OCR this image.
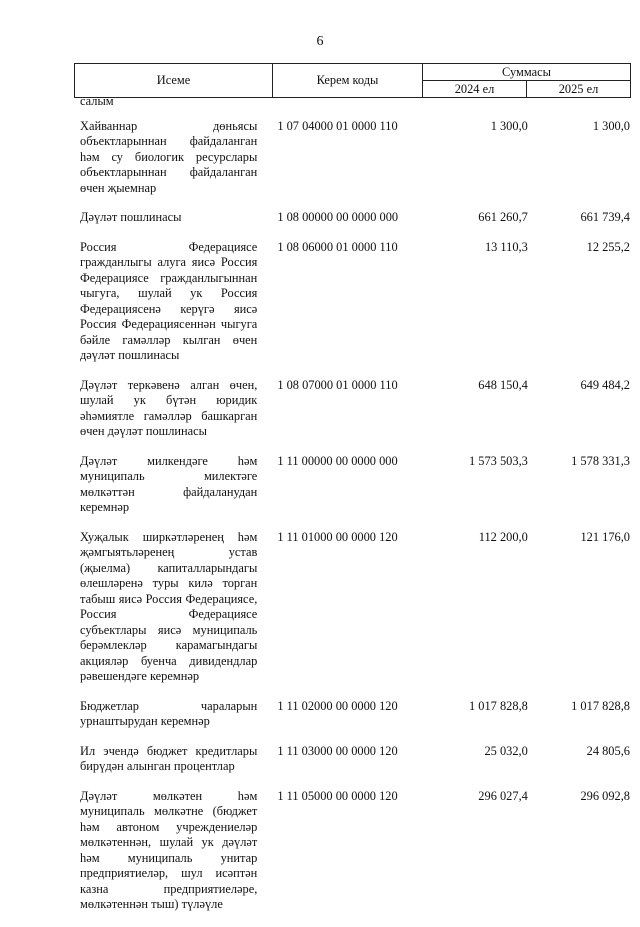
6
Исеме	Керем коды	Суммасы	
		2024 ел	2025 ел
салым
Хайваннар дөньясы объектларыннан файдаланган һәм су биологик ресурслары объектларыннан файдаланган өчен җыемнар
1 07 04000 01 0000 110	1 300,0	1 300,0
Дәүләт пошлинасы	1 08 00000 00 0000 000	661 260,7	661 739,4
Россия Федерациясе гражданлыгы алуга яисә Россия Федерациясе гражданлыгыннан чыгуга, шулай ук Россия Федерациясенә керүгә яисә Россия Федерациясеннән чыгуга бәйле гамәлләр кылган өчен дәүләт пошлинасы
1 08 06000 01 0000 110	13 110,3	12 255,2
Дәүләт теркәвенә алган өчен, шулай ук бүтән юридик әһәмиятле гамәлләр башкарган өчен дәүләт пошлинасы
1 08 07000 01 0000 110	648 150,4	649 484,2
Дәүләт милкендәге һәм муниципаль милектәге мөлкәттән файдаланудан керемнәр
1 11 00000 00 0000 000	1 573 503,3	1 578 331,3
Хуҗалык ширкәтләренең һәм җәмгыятьләренең устав (җыелма) капиталларындагы өлешләренә туры килә торган табыш яисә Россия Федерациясе, Россия Федерациясе субъектлары яисә муниципаль берәмлекләр карамагындагы акцияләр буенча дивидендлар рәвешендәге керемнәр
1 11 01000 00 0000 120	112 200,0	121 176,0
Бюджетлар чараларын урнаштырудан керемнәр
1 11 02000 00 0000 120	1 017 828,8	1 017 828,8
Ил эчендә бюджет кредитлары бирүдән алынган процентлар
1 11 03000 00 0000 120	25 032,0	24 805,6
Дәүләт мөлкәтен һәм муниципаль мөлкәтне (бюджет һәм автоном учреждениеләр мөлкәтеннән, шулай ук дәүләт һәм муниципаль унитар предприятиеләр, шул исәптән казна предприятиеләре, мөлкәтеннән тыш) түләүле
1 11 05000 00 0000 120	296 027,4	296 092,8
